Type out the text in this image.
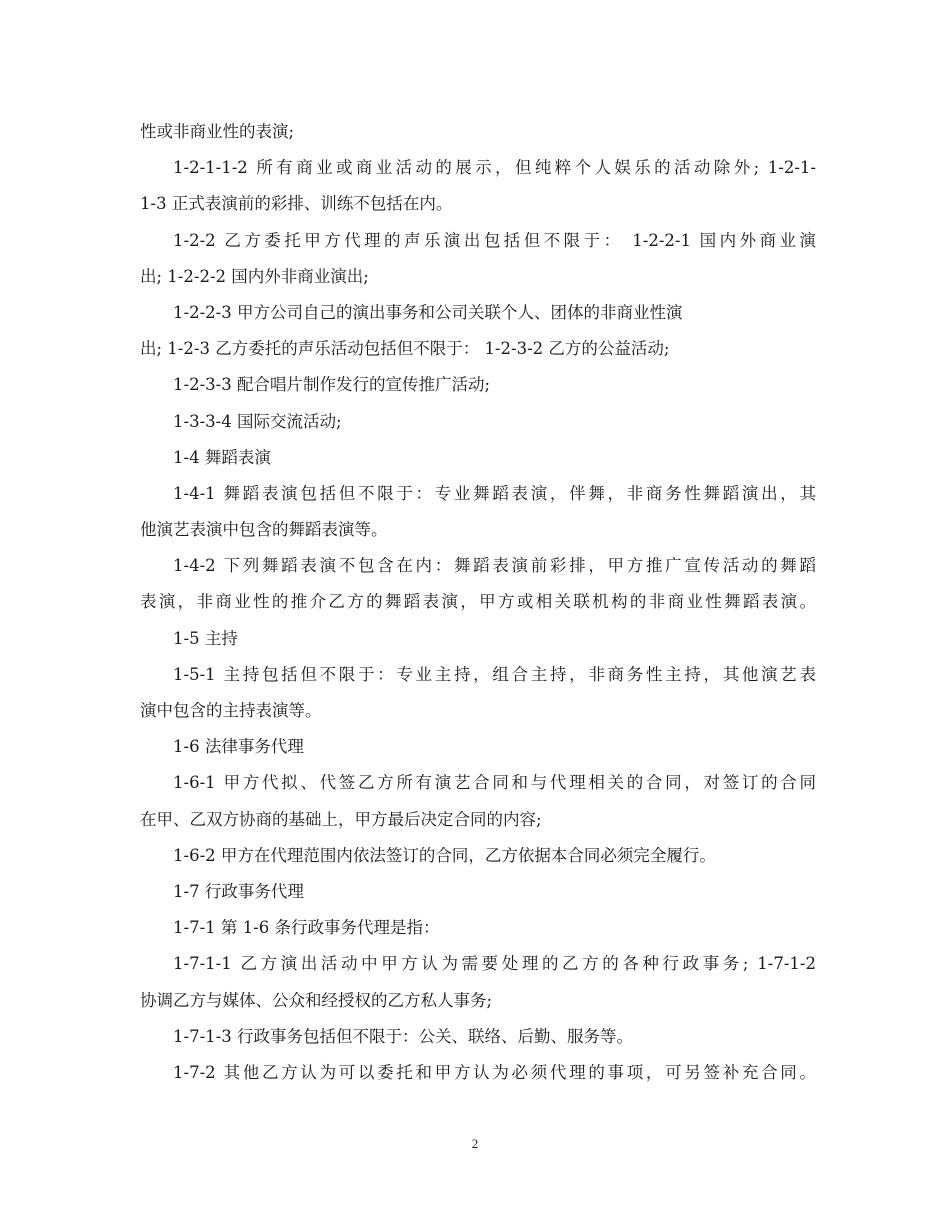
性或非商业性的表演;
1-2-1-1-2 所有商业或商业活动的展示，但纯粹个人娱乐的活动除外; 1-2-1-
1-3 正式表演前的彩排、训练不包括在内。
1-2-2 乙方委托甲方代理的声乐演出包括但不限于： 1-2-2-1 国内外商业演
出; 1-2-2-2 国内外非商业演出;
1-2-2-3 甲方公司自己的演出事务和公司关联个人、团体的非商业性演
出; 1-2-3 乙方委托的声乐活动包括但不限于： 1-2-3-2 乙方的公益活动;
1-2-3-3 配合唱片制作发行的宣传推广活动;
1-3-3-4 国际交流活动;
1-4 舞蹈表演
1-4-1 舞蹈表演包括但不限于：专业舞蹈表演，伴舞，非商务性舞蹈演出，其
他演艺表演中包含的舞蹈表演等。
1-4-2 下列舞蹈表演不包含在内：舞蹈表演前彩排，甲方推广宣传活动的舞蹈
表演，非商业性的推介乙方的舞蹈表演，甲方或相关联机构的非商业性舞蹈表演。
1-5 主持
1-5-1 主持包括但不限于：专业主持，组合主持，非商务性主持，其他演艺表
演中包含的主持表演等。
1-6 法律事务代理
1-6-1 甲方代拟、代签乙方所有演艺合同和与代理相关的合同，对签订的合同
在甲、乙双方协商的基础上，甲方最后决定合同的内容;
1-6-2 甲方在代理范围内依法签订的合同，乙方依据本合同必须完全履行。
1-7 行政事务代理
1-7-1 第 1-6 条行政事务代理是指：
1-7-1-1 乙方演出活动中甲方认为需要处理的乙方的各种行政事务; 1-7-1-2
协调乙方与媒体、公众和经授权的乙方私人事务;
1-7-1-3 行政事务包括但不限于：公关、联络、后勤、服务等。
1-7-2 其他乙方认为可以委托和甲方认为必须代理的事项，可另签补充合同。
2
